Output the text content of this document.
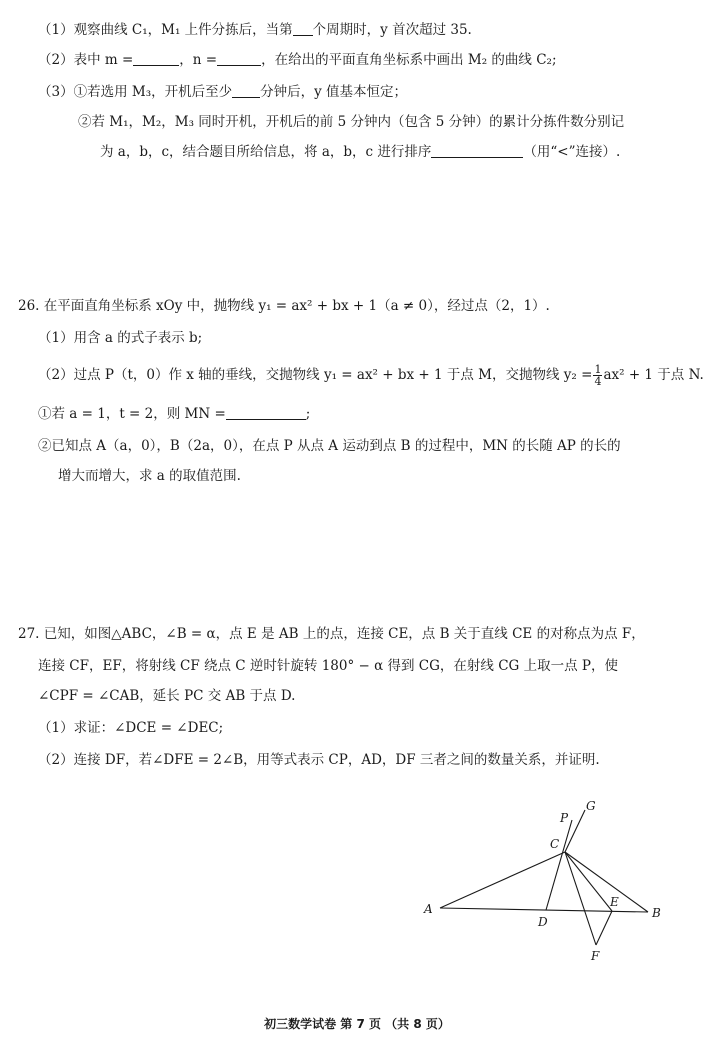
（1）观察曲线 C₁，M₁ 上件分拣后，当第 个周期时，y 首次超过 35.
（2）表中 m =	，n =	，在给出的平面直角坐标系中画出 M₂ 的曲线 C₂;
（3）①若选用 M₃，开机后至少 分钟后，y 值基本恒定；
②若 M₁，M₂，M₃ 同时开机，开机后的前 5 分钟内（包含 5 分钟）的累计分拣件数分别记
为 a，b，c，结合题目所给信息，将 a，b，c 进行排序	（用“<”连接）.
26. 在平面直角坐标系 xOy 中，抛物线 y₁ = ax² + bx + 1（a ≠ 0），经过点（2，1）.
（1）用含 a 的式子表示 b;
（2）过点 P（t，0）作 x 轴的垂线，交抛物线 y₁ = ax² + bx + 1 于点 M，交抛物线 $y_2 = \frac{1}{4} ax^2 + 1$ 于点 N.
①若 a = 1，t = 2，则 MN =	;
②已知点 A（a，0），B（2a，0），在点 P 从点 A 运动到点 B 的过程中，MN 的长随 AP 的长的
增大而增大，求 a 的取值范围.
27. 已知，如图△ABC，∠B = α，点 E 是 AB 上的点，连接 CE，点 B 关于直线 CE 的对称点为点 F，
连接 CF，EF，将射线 CF 绕点 C 逆时针旋转 180° − α 得到 CG，在射线 CG 上取一点 P，使
∠CPF = ∠CAB，延长 PC 交 AB 于点 D.
（1）求证：∠DCE = ∠DEC;
（2）连接 DF，若∠DFE = 2∠B，用等式表示 CP，AD，DF 三者之间的数量关系，并证明.
A	B
C
D
E
F
G
P
初三数学试卷 第 7 页 （共 8 页）
